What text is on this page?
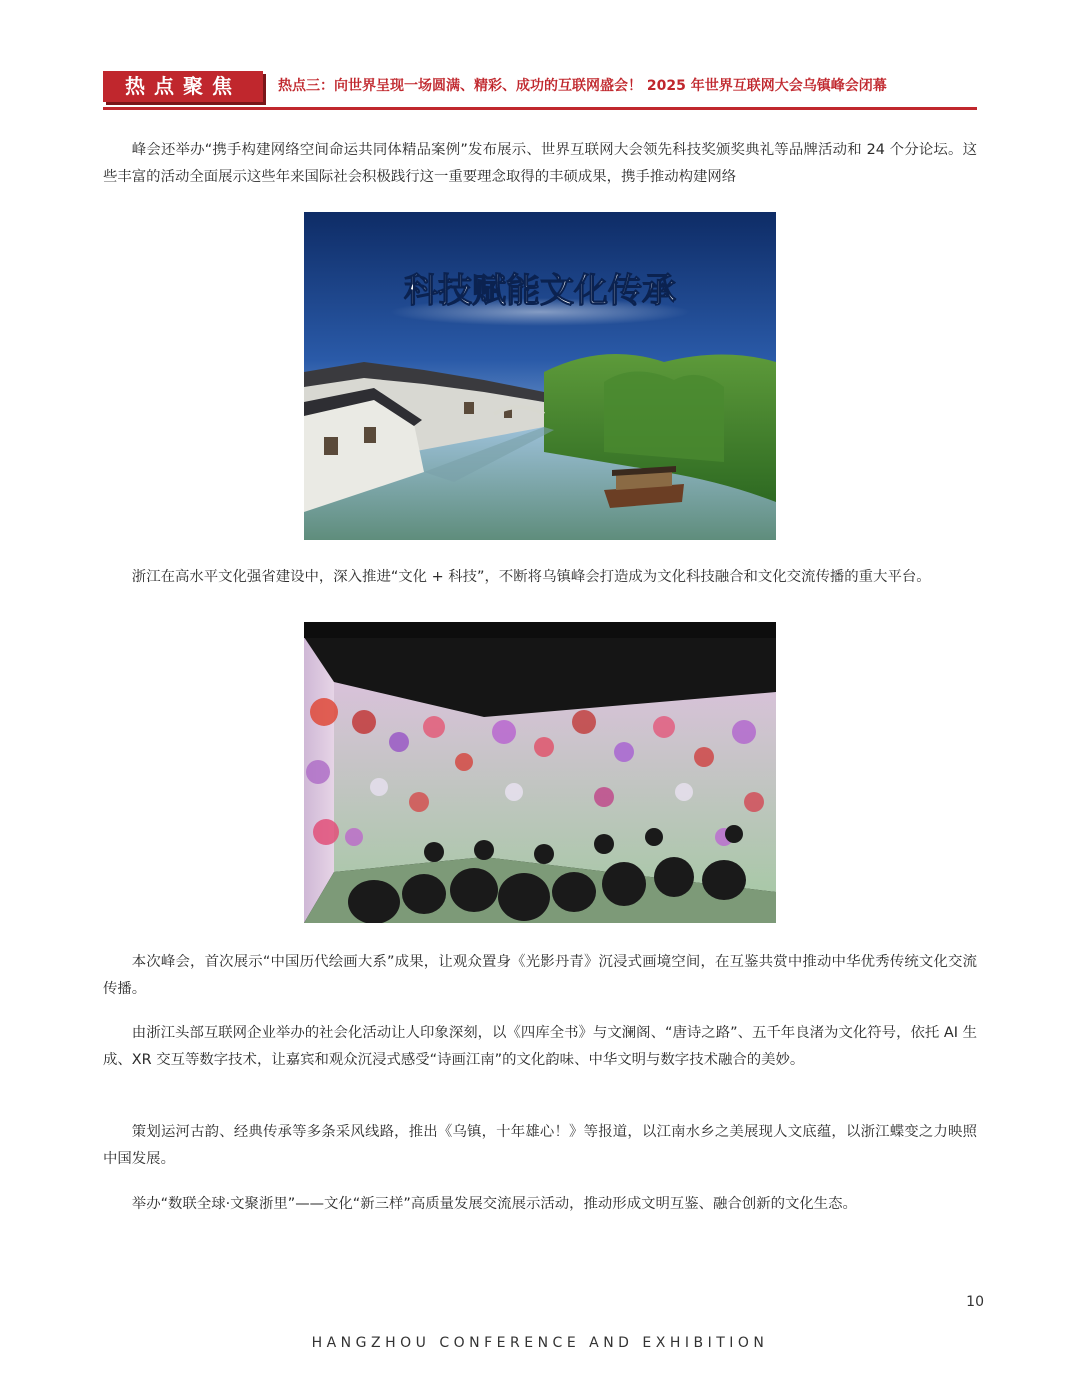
热点聚焦	热点三：向世界呈现一场圆满、精彩、成功的互联网盛会！ 2025 年世界互联网大会乌镇峰会闭幕

峰会还举办“携手构建网络空间命运共同体精品案例”发布展示、世界互联网大会领先科技奖颁奖典礼等品牌活动和 24 个分论坛。这些丰富的活动全面展示这些年来国际社会积极践行这一重要理念取得的丰硕成果，携手推动构建网络

科技赋能文化传承

浙江在高水平文化强省建设中，深入推进“文化 + 科技”，不断将乌镇峰会打造成为文化科技融合和文化交流传播的重大平台。

本次峰会，首次展示“中国历代绘画大系”成果，让观众置身《光影丹青》沉浸式画境空间，在互鉴共赏中推动中华优秀传统文化交流传播。

由浙江头部互联网企业举办的社会化活动让人印象深刻，以《四库全书》与文澜阁、“唐诗之路”、五千年良渚为文化符号，依托 AI 生成、XR 交互等数字技术，让嘉宾和观众沉浸式感受“诗画江南”的文化韵味、中华文明与数字技术融合的美妙。

策划运河古韵、经典传承等多条采风线路，推出《乌镇，十年雄心！》等报道，以江南水乡之美展现人文底蕴，以浙江蝶变之力映照中国发展。

举办“数联全球·文聚浙里”——文化“新三样”高质量发展交流展示活动，推动形成文明互鉴、融合创新的文化生态。

10
HANGZHOU CONFERENCE AND EXHIBITION
